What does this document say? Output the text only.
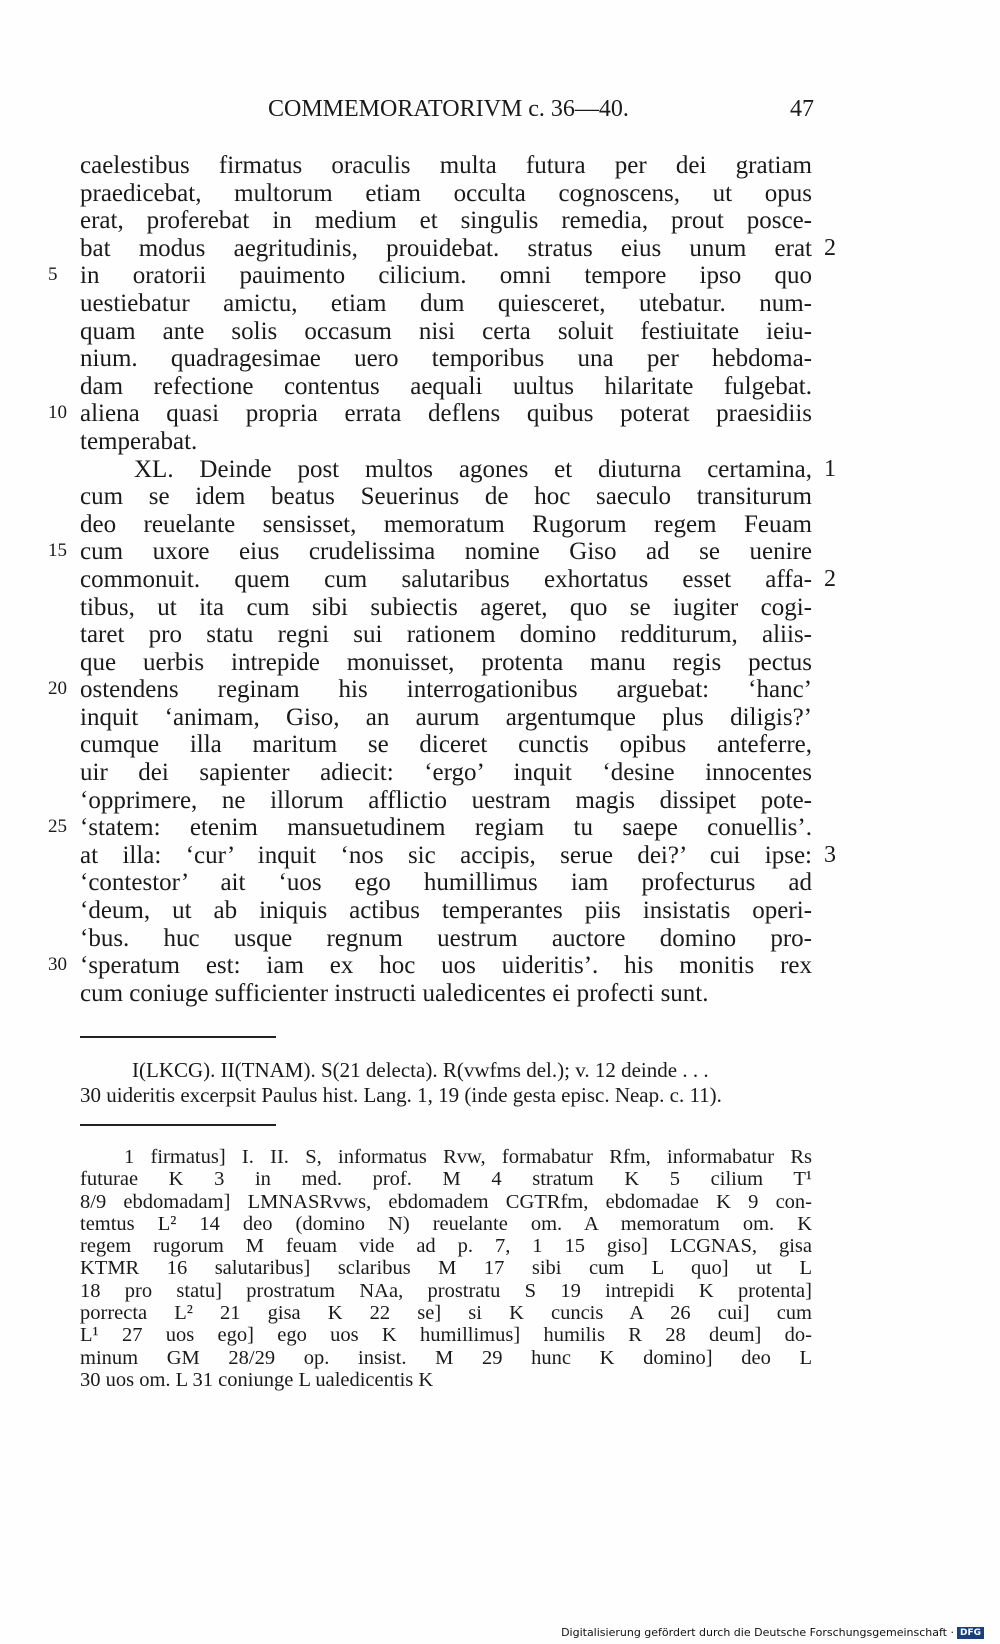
COMMEMORATORIVM c. 36—40.	47
caelestibus firmatus oraculis multa futura per dei gratiam
praedicebat, multorum etiam occulta cognoscens, ut opus
erat, proferebat in medium et singulis remedia, prout posce-
bat modus aegritudinis, prouidebat. stratus eius unum erat 2
5 in oratorii pauimento cilicium. omni tempore ipso quo
uestiebatur amictu, etiam dum quiesceret, utebatur. num-
quam ante solis occasum nisi certa soluit festiuitate ieiu-
nium. quadragesimae uero temporibus una per hebdoma-
dam refectione contentus aequali uultus hilaritate fulgebat.
10 aliena quasi propria errata deflens quibus poterat praesidiis
temperabat.
XL. Deinde post multos agones et diuturna certamina, 1
cum se idem beatus Seuerinus de hoc saeculo transiturum
deo reuelante sensisset, memoratum Rugorum regem Feuam
15 cum uxore eius crudelissima nomine Giso ad se uenire
commonuit. quem cum salutaribus exhortatus esset affa- 2
tibus, ut ita cum sibi subiectis ageret, quo se iugiter cogi-
taret pro statu regni sui rationem domino redditurum, aliis-
que uerbis intrepide monuisset, protenta manu regis pectus
20 ostendens reginam his interrogationibus arguebat: ‘hanc’
inquit ‘animam, Giso, an aurum argentumque plus diligis?’
cumque illa maritum se diceret cunctis opibus anteferre,
uir dei sapienter adiecit: ‘ergo’ inquit ‘desine innocentes
‘opprimere, ne illorum afflictio uestram magis dissipet pote-
25 ‘statem: etenim mansuetudinem regiam tu saepe conuellis’.
at illa: ‘cur’ inquit ‘nos sic accipis, serue dei?’ cui ipse: 3
‘contestor’ ait ‘uos ego humillimus iam profecturus ad
‘deum, ut ab iniquis actibus temperantes piis insistatis operi-
‘bus. huc usque regnum uestrum auctore domino pro-
30 ‘speratum est: iam ex hoc uos uideritis’. his monitis rex
cum coniuge sufficienter instructi ualedicentes ei profecti sunt.
I(LKCG). II(TNAM). S(21 delecta). R(vwfms del.); v. 12 deinde . . .
30 uideritis excerpsit Paulus hist. Lang. 1, 19 (inde gesta episc. Neap. c. 11).
1 firmatus] I. II. S, informatus Rvw, formabatur Rfm, informabatur Rs
futurae K 3 in med. prof. M 4 stratum K 5 cilium T¹
8/9 ebdomadam] LMNASRvws, ebdomadem CGTRfm, ebdomadae K 9 con-
temtus L² 14 deo (domino N) reuelante om. A memoratum om. K
regem rugorum M feuam vide ad p. 7, 1 15 giso] LCGNAS, gisa
KTMR 16 salutaribus] sclaribus M 17 sibi cum L quo] ut L
18 pro statu] prostratum NAa, prostratu S 19 intrepidi K protenta]
porrecta L² 21 gisa K 22 se] si K cuncis A 26 cui] cum
L¹ 27 uos ego] ego uos K humillimus] humilis R 28 deum] do-
minum GM 28/29 op. insist. M 29 hunc K domino] deo L
30 uos om. L 31 coniunge L ualedicentis K
Digitalisierung gefördert durch die Deutsche Forschungsgemeinschaft · DFG
